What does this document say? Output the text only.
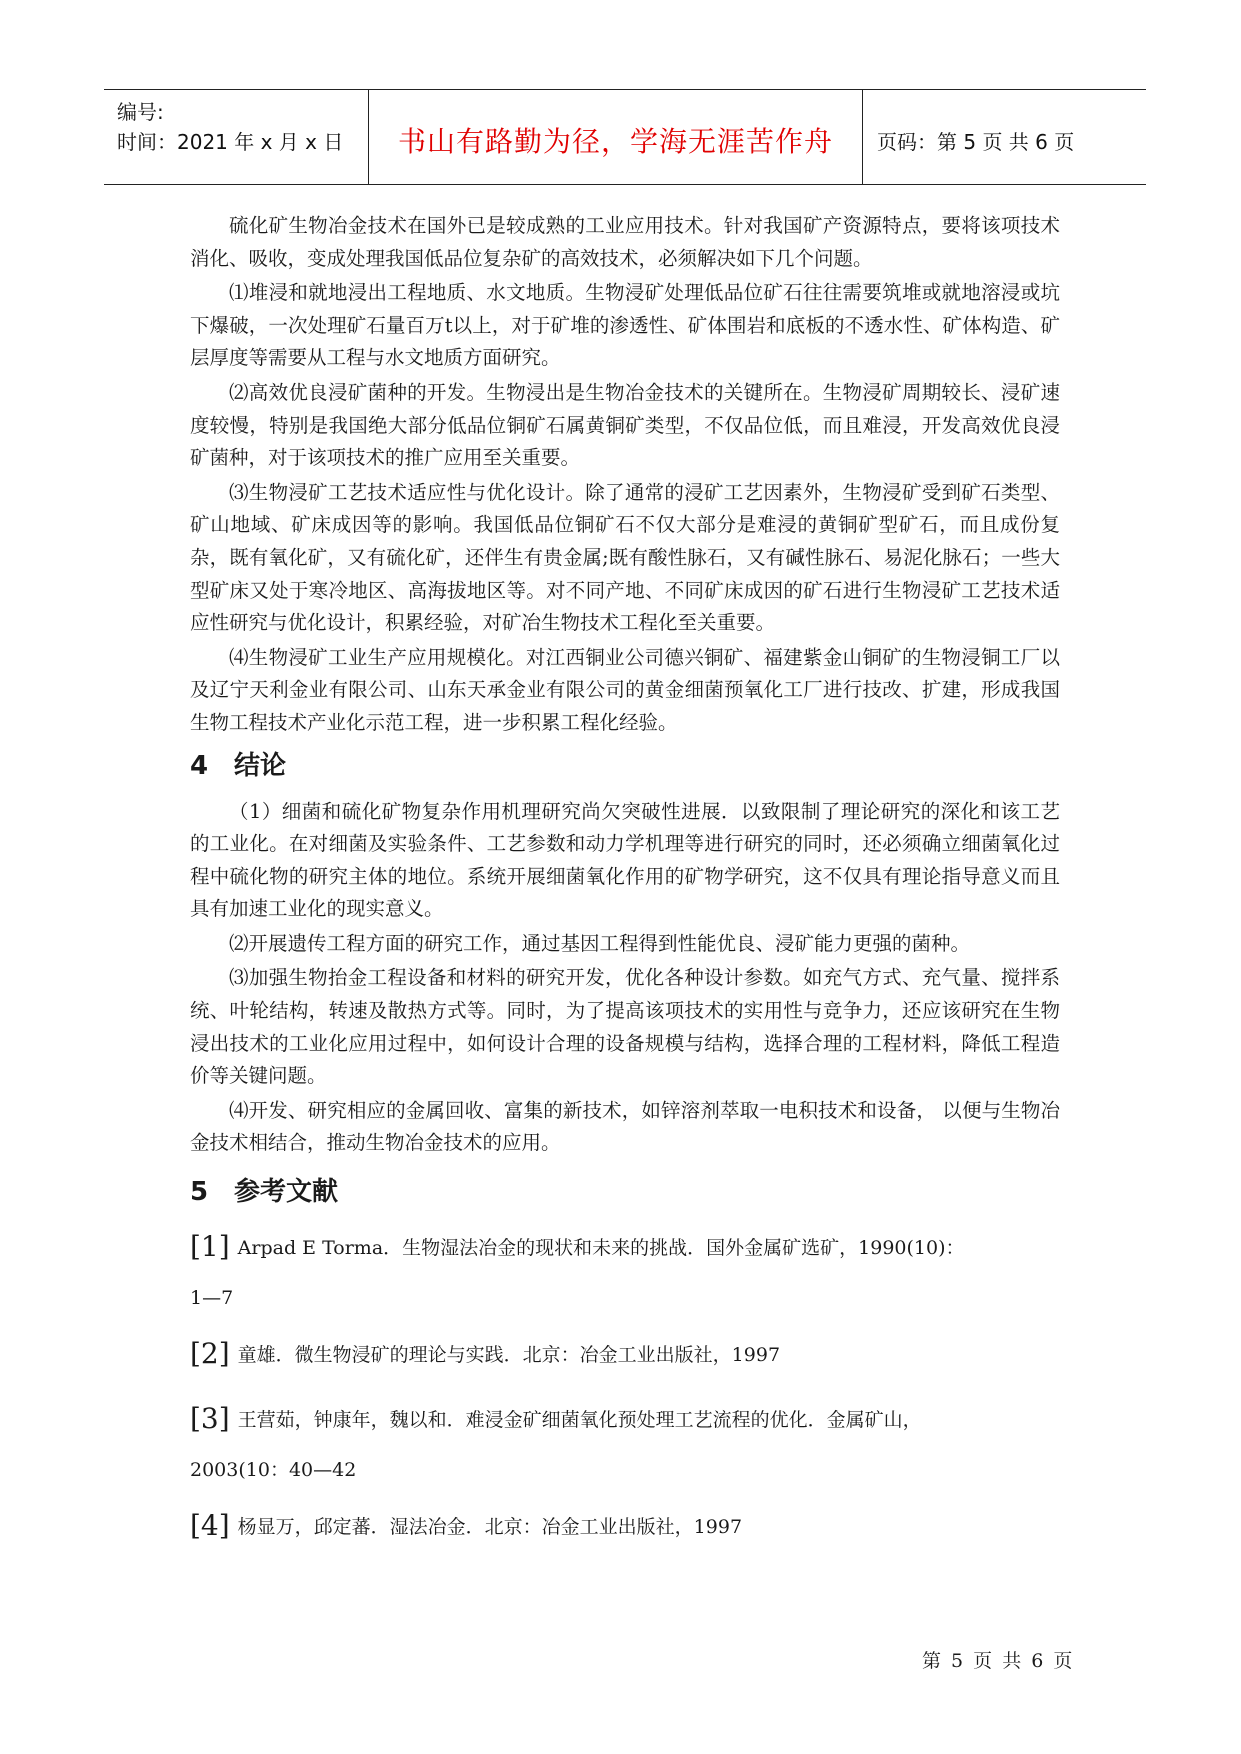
编号:
时间：2021 年 x 月 x 日	书山有路勤为径，学海无涯苦作舟	页码：第 5 页 共 6 页

硫化矿生物冶金技术在国外已是较成熟的工业应用技术。针对我国矿产资源特点，要将该项技术消化、吸收，变成处理我国低品位复杂矿的高效技术，必须解决如下几个问题。

⑴堆浸和就地浸出工程地质、水文地质。生物浸矿处理低品位矿石往往需要筑堆或就地溶浸或坑下爆破，一次处理矿石量百万t以上，对于矿堆的渗透性、矿体围岩和底板的不透水性、矿体构造、矿层厚度等需要从工程与水文地质方面研究。

⑵高效优良浸矿菌种的开发。生物浸出是生物冶金技术的关键所在。生物浸矿周期较长、浸矿速度较慢，特别是我国绝大部分低品位铜矿石属黄铜矿类型，不仅品位低，而且难浸，开发高效优良浸矿菌种，对于该项技术的推广应用至关重要。

⑶生物浸矿工艺技术适应性与优化设计。除了通常的浸矿工艺因素外，生物浸矿受到矿石类型、矿山地域、矿床成因等的影响。我国低品位铜矿石不仅大部分是难浸的黄铜矿型矿石，而且成份复杂，既有氧化矿，又有硫化矿，还伴生有贵金属;既有酸性脉石，又有碱性脉石、易泥化脉石；一些大型矿床又处于寒冷地区、高海拔地区等。对不同产地、不同矿床成因的矿石进行生物浸矿工艺技术适应性研究与优化设计，积累经验，对矿冶生物技术工程化至关重要。

⑷生物浸矿工业生产应用规模化。对江西铜业公司德兴铜矿、福建紫金山铜矿的生物浸铜工厂以及辽宁天利金业有限公司、山东天承金业有限公司的黄金细菌预氧化工厂进行技改、扩建，形成我国生物工程技术产业化示范工程，进一步积累工程化经验。

4 结论

（1）细菌和硫化矿物复杂作用机理研究尚欠突破性进展．以致限制了理论研究的深化和该工艺的工业化。在对细菌及实验条件、工艺参数和动力学机理等进行研究的同时，还必须确立细菌氧化过程中硫化物的研究主体的地位。系统开展细菌氧化作用的矿物学研究，这不仅具有理论指导意义而且具有加速工业化的现实意义。

⑵开展遗传工程方面的研究工作，通过基因工程得到性能优良、浸矿能力更强的菌种。

⑶加强生物抬金工程设备和材料的研究开发，优化各种设计参数。如充气方式、充气量、搅拌系统、叶轮结构，转速及散热方式等。同时，为了提高该项技术的实用性与竞争力，还应该研究在生物浸出技术的工业化应用过程中，如何设计合理的设备规模与结构，选择合理的工程材料，降低工程造价等关键问题。

⑷开发、研究相应的金属回收、富集的新技术，如锌溶剂萃取一电积技术和设备， 以便与生物冶金技术相结合，推动生物冶金技术的应用。

5 参考文献
[1] Arpad E Torma．生物湿法冶金的现状和未来的挑战．国外金属矿选矿，1990(10)：
1—7
[2] 童雄．微生物浸矿的理论与实践．北京：冶金工业出版社，1997
[3] 王营茹，钟康年，魏以和．难浸金矿细菌氧化预处理工艺流程的优化．金属矿山，
2003(10：40—42
[4] 杨显万，邱定蕃．湿法冶金．北京：冶金工业出版社，1997
第 5 页 共 6 页
